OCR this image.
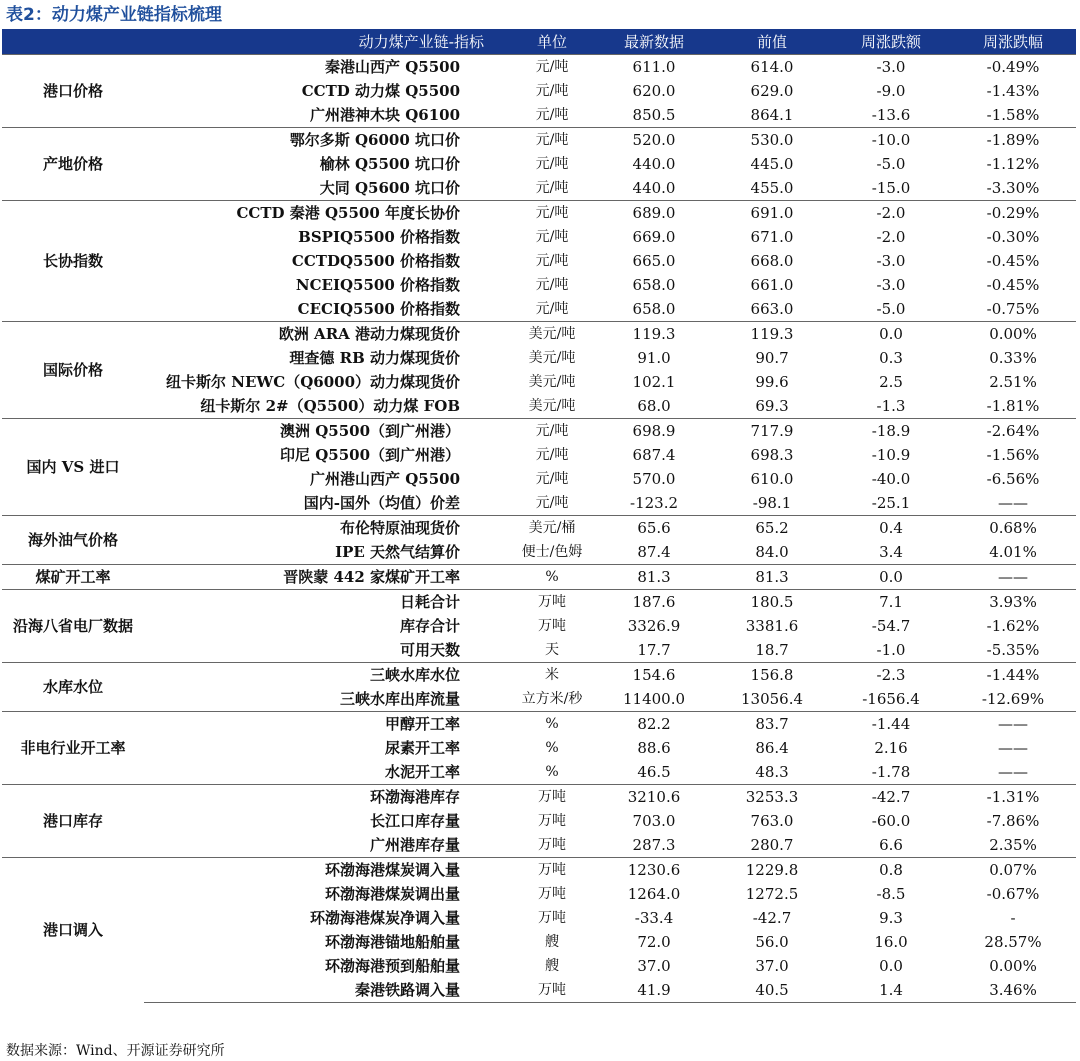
表2：动力煤产业链指标梳理
动力煤产业链-指标		单位	最新数据	前值	周涨跌额	周涨跌幅
港口价格	秦港山西产 Q5500	元/吨	611.0	614.0	-3.0	-0.49%
	CCTD 动力煤 Q5500	元/吨	620.0	629.0	-9.0	-1.43%
	广州港神木块 Q6100	元/吨	850.5	864.1	-13.6	-1.58%
产地价格	鄂尔多斯 Q6000 坑口价	元/吨	520.0	530.0	-10.0	-1.89%
	榆林 Q5500 坑口价	元/吨	440.0	445.0	-5.0	-1.12%
	大同 Q5600 坑口价	元/吨	440.0	455.0	-15.0	-3.30%
长协指数	CCTD 秦港 Q5500 年度长协价	元/吨	689.0	691.0	-2.0	-0.29%
	BSPIQ5500 价格指数	元/吨	669.0	671.0	-2.0	-0.30%
	CCTDQ5500 价格指数	元/吨	665.0	668.0	-3.0	-0.45%
	NCEIQ5500 价格指数	元/吨	658.0	661.0	-3.0	-0.45%
	CECIQ5500 价格指数	元/吨	658.0	663.0	-5.0	-0.75%
国际价格	欧洲 ARA 港动力煤现货价	美元/吨	119.3	119.3	0.0	0.00%
	理查德 RB 动力煤现货价	美元/吨	91.0	90.7	0.3	0.33%
	纽卡斯尔 NEWC（Q6000）动力煤现货价	美元/吨	102.1	99.6	2.5	2.51%
	纽卡斯尔 2#（Q5500）动力煤 FOB	美元/吨	68.0	69.3	-1.3	-1.81%
国内 VS 进口	澳洲 Q5500（到广州港）	元/吨	698.9	717.9	-18.9	-2.64%
	印尼 Q5500（到广州港）	元/吨	687.4	698.3	-10.9	-1.56%
	广州港山西产 Q5500	元/吨	570.0	610.0	-40.0	-6.56%
	国内-国外（均值）价差	元/吨	-123.2	-98.1	-25.1	——
海外油气价格	布伦特原油现货价	美元/桶	65.6	65.2	0.4	0.68%
	IPE 天然气结算价	便士/色姆	87.4	84.0	3.4	4.01%
煤矿开工率	晋陕蒙 442 家煤矿开工率	%	81.3	81.3	0.0	——
沿海八省电厂数据	日耗合计	万吨	187.6	180.5	7.1	3.93%
	库存合计	万吨	3326.9	3381.6	-54.7	-1.62%
	可用天数	天	17.7	18.7	-1.0	-5.35%
水库水位	三峡水库水位	米	154.6	156.8	-2.3	-1.44%
	三峡水库出库流量	立方米/秒	11400.0	13056.4	-1656.4	-12.69%
非电行业开工率	甲醇开工率	%	82.2	83.7	-1.44	——
	尿素开工率	%	88.6	86.4	2.16	——
	水泥开工率	%	46.5	48.3	-1.78	——
港口库存	环渤海港库存	万吨	3210.6	3253.3	-42.7	-1.31%
	长江口库存量	万吨	703.0	763.0	-60.0	-7.86%
	广州港库存量	万吨	287.3	280.7	6.6	2.35%
港口调入	环渤海港煤炭调入量	万吨	1230.6	1229.8	0.8	0.07%
	环渤海港煤炭调出量	万吨	1264.0	1272.5	-8.5	-0.67%
	环渤海港煤炭净调入量	万吨	-33.4	-42.7	9.3	-
	环渤海港锚地船舶量	艘	72.0	56.0	16.0	28.57%
	环渤海港预到船舶量	艘	37.0	37.0	0.0	0.00%
	秦港铁路调入量	万吨	41.9	40.5	1.4	3.46%
数据来源：Wind、开源证券研究所
